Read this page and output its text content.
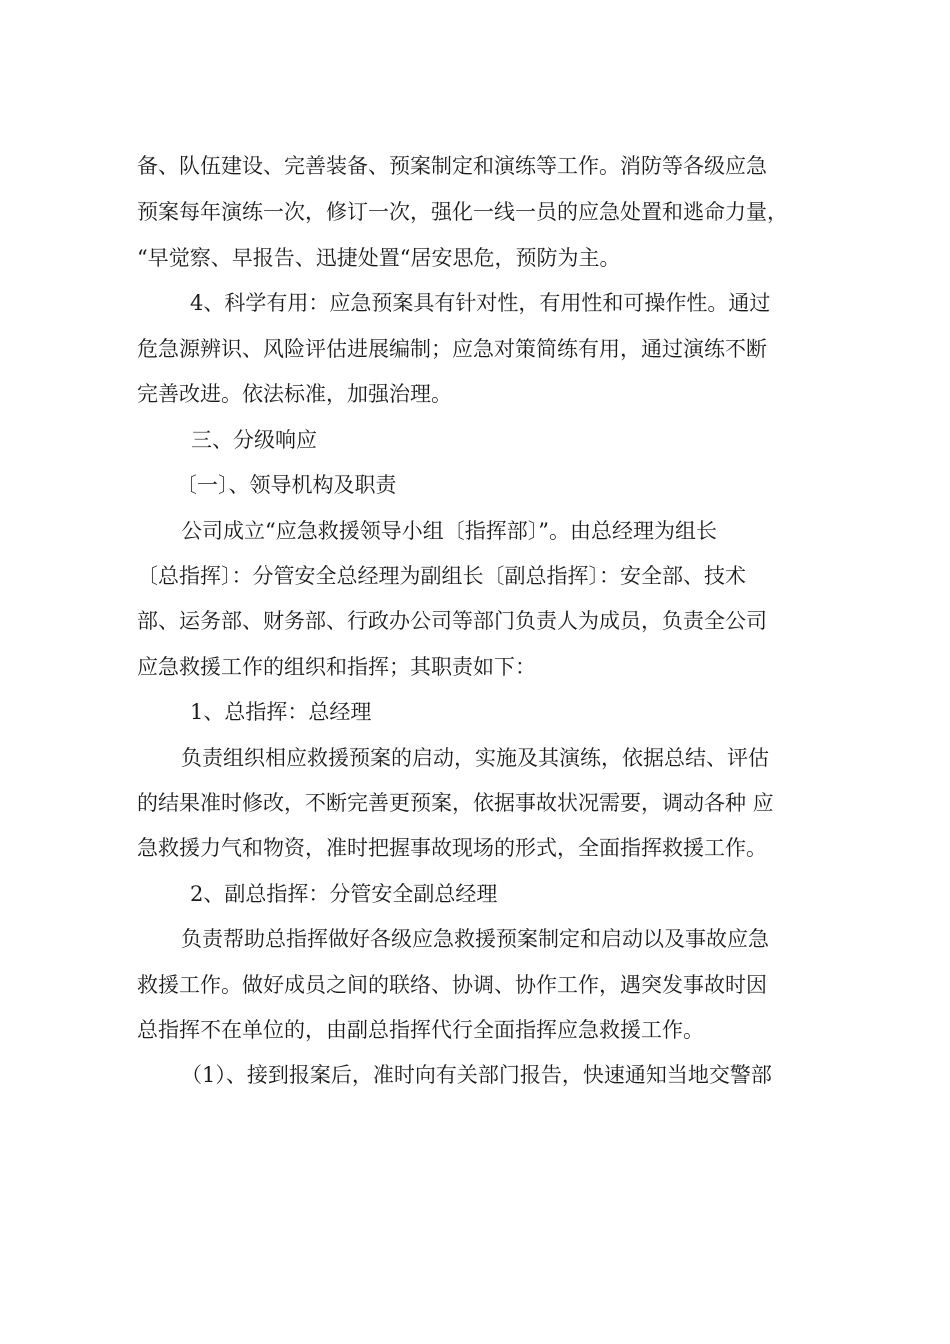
备、队伍建设、完善装备、预案制定和演练等工作。消防等各级应急

预案每年演练一次，修订一次，强化一线一员的应急处置和逃命力量，

“早觉察、早报告、迅捷处置“居安思危，预防为主。

4、科学有用：应急预案具有针对性，有用性和可操作性。通过

危急源辨识、风险评估进展编制；应急对策简练有用，通过演练不断

完善改进。依法标准，加强治理。

三、分级响应

〔一〕、领导机构及职责

公司成立“应急救援领导小组〔指挥部〕”。由总经理为组长

〔总指挥〕：分管安全总经理为副组长〔副总指挥〕：安全部、技术

部、运务部、财务部、行政办公司等部门负责人为成员，负责全公司

应急救援工作的组织和指挥；其职责如下：

1、总指挥：总经理

负责组织相应救援预案的启动，实施及其演练，依据总结、评估

的结果准时修改，不断完善更预案，依据事故状况需要，调动各种 应

急救援力气和物资，准时把握事故现场的形式，全面指挥救援工作。

2、副总指挥：分管安全副总经理

负责帮助总指挥做好各级应急救援预案制定和启动以及事故应急

救援工作。做好成员之间的联络、协调、协作工作，遇突发事故时因

总指挥不在单位的，由副总指挥代行全面指挥应急救援工作。

（1）、接到报案后，准时向有关部门报告，快速通知当地交警部
